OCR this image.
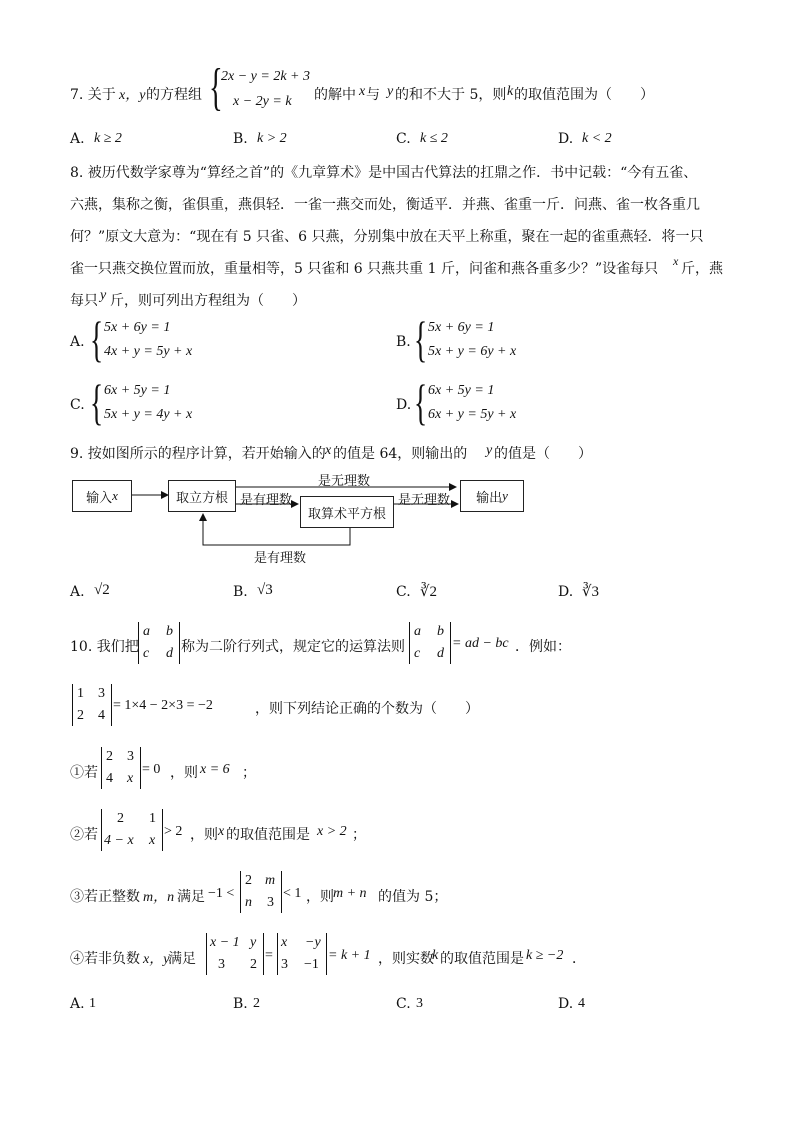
7. 关于 x，y 的方程组 {
2x − y = 2k + 3
x − 2y = k 的解中 x 与 y 的和不大于 5，则 k 的取值范围为（　　）
A. k ≥ 2	B. k > 2	C. k ≤ 2	D. k < 2
8. 被历代数学家尊为“算经之首”的《九章算术》是中国古代算法的扛鼎之作．书中记载：“今有五雀、
六燕，集称之衡，雀俱重，燕俱轻．一雀一燕交而处，衡适平．并燕、雀重一斤．问燕、雀一枚各重几
何？”原文大意为：“现在有 5 只雀、6 只燕，分别集中放在天平上称重，聚在一起的雀重燕轻．将一只
雀一只燕交换位置而放，重量相等，5 只雀和 6 只燕共重 1 斤，问雀和燕各重多少？”设雀每只 x 斤，燕
每只 y 斤，则可列出方程组为（　　）
A. { 5x + 6y = 1
4x + y = 5y + x
B. { 5x + 6y = 1
5x + y = 6y + x
C. { 6x + 5y = 1
5x + y = 4y + x
D. { 6x + 5y = 1
6x + y = 5y + x
9. 按如图所示的程序计算，若开始输入的 x 的值是 64，则输出的 y 的值是（　　）
输入 x	取立方根
取算术平方根
输出 y
是无理数
是有理数	是无理数
是有理数
A. √2	B. √3	C. ∛2	D. ∛3
10. 我们把
a b
c d 称为二阶行列式，规定它的运算法则
a b
c d
= ad − bc ．例如：
1 3
2 4
= 1×4 − 2×3 = −2	，则下列结论正确的个数为（　　）
①若
2 3
4 x
= 0 ，则 x = 6 ；
②若
2 1
4 − x x
> 2 ，则 x 的取值范围是 x > 2 ；
③若正整数 m，n 满足 −1 <
2 m
n 3
< 1 ，则 m + n 的值为 5；
④若非负数 x，y
满足
x − 1 y
3 2
=
x −y
3 −1
= k + 1 ，则实数
k 的取值范围是 k ≥ −2 ．
A. 1	B. 2	C. 3	D. 4
